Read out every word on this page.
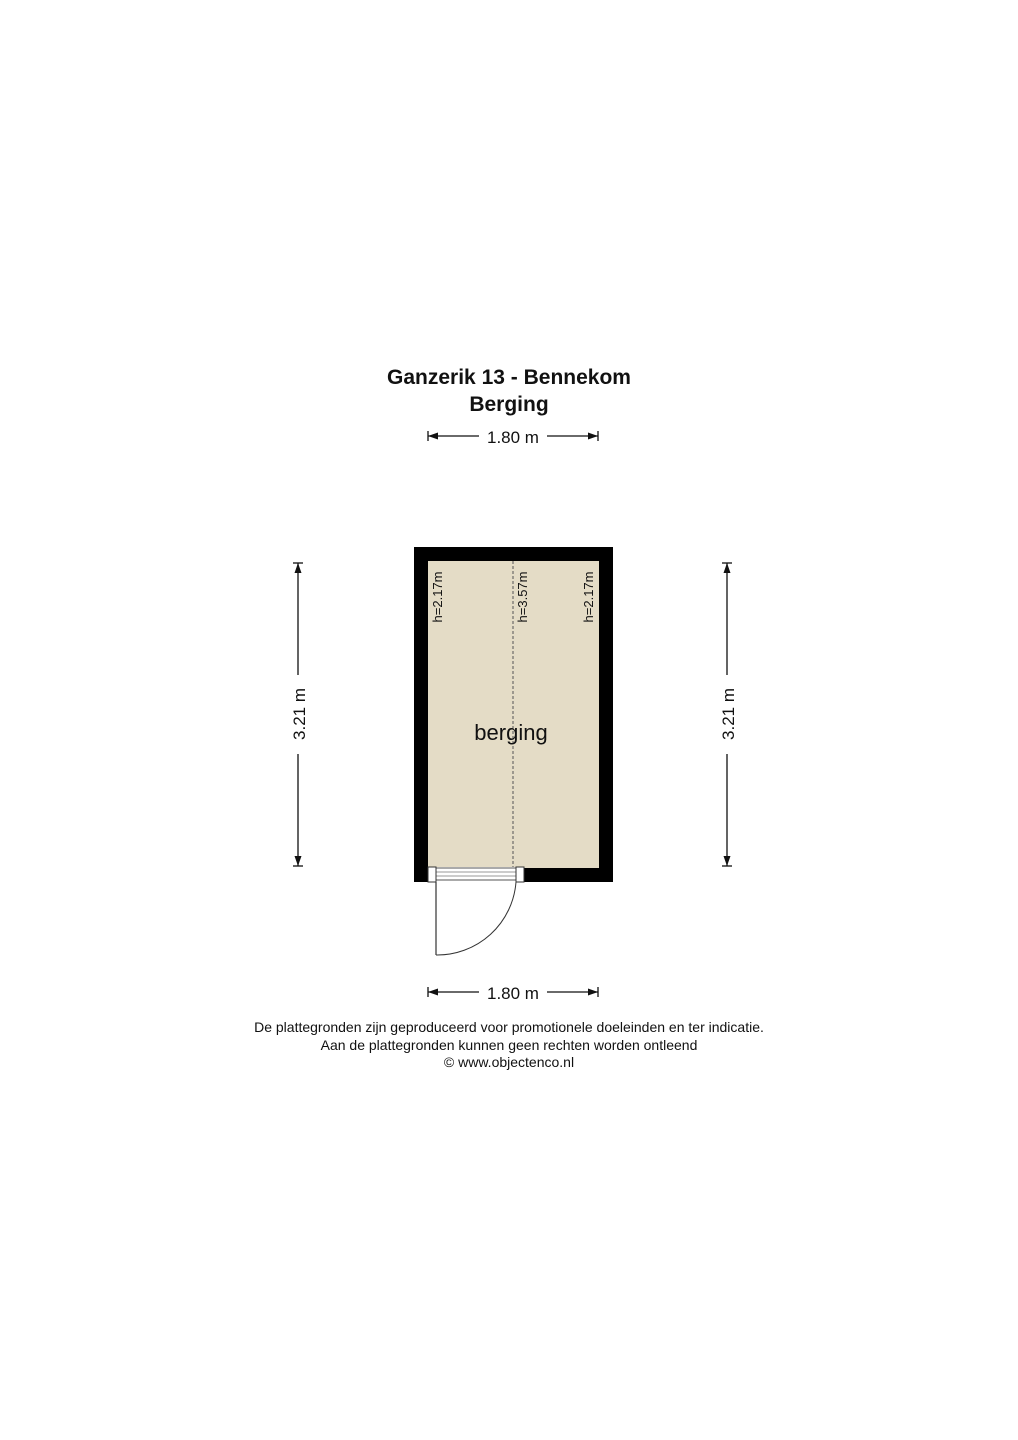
Ganzerik 13 - Bennekom
Berging
1.80 m
3.21 m	3.21 m
h=2.17m	h=3.57m	h=2.17m
berging
1.80 m
De plattegronden zijn geproduceerd voor promotionele doeleinden en ter indicatie.
Aan de plattegronden kunnen geen rechten worden ontleend
© www.objectenco.nl
